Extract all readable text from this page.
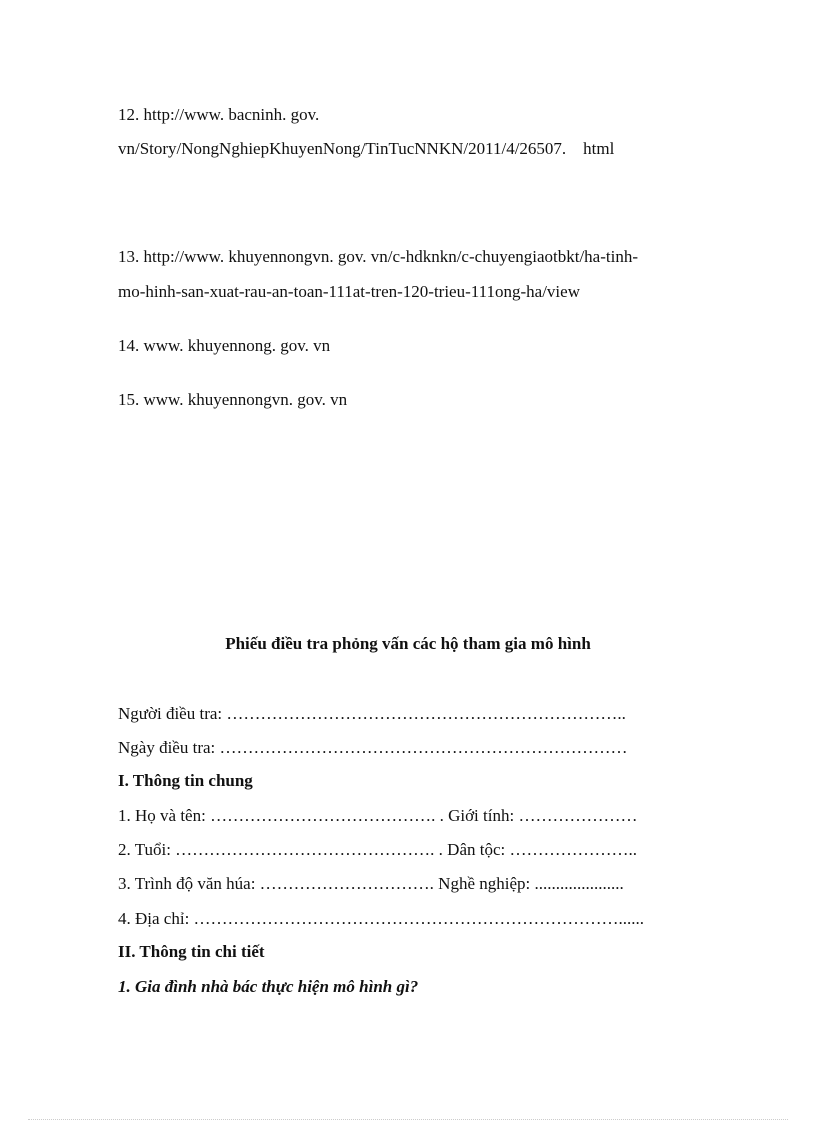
12. http://www. bacninh. gov.
vn/Story/NongNghiepKhuyenNong/TinTucNNKN/2011/4/26507.    html
13. http://www. khuyennongvn. gov. vn/c-hdknkn/c-chuyengiaotbkt/ha-tinh-
mo-hinh-san-xuat-rau-an-toan-111at-tren-120-trieu-111ong-ha/view
14. www. khuyennong. gov. vn
15. www. khuyennongvn. gov. vn
Phiếu điều tra phỏng vấn các hộ tham gia mô hình
Người điều tra: ……………………………………………………………..
Ngày điều tra: ………………………………………………………………
I. Thông tin chung
1. Họ và tên: …………………………………. . Giới tính: …………………
2. Tuổi: ………………………………………. . Dân tộc: …………………..
3. Trình độ văn húa: …………………………. Nghề nghiệp: .....................
4. Địa chỉ: …………………………………………………………………......
II. Thông tin chi tiết
1. Gia đình nhà bác thực hiện mô hình gì?
